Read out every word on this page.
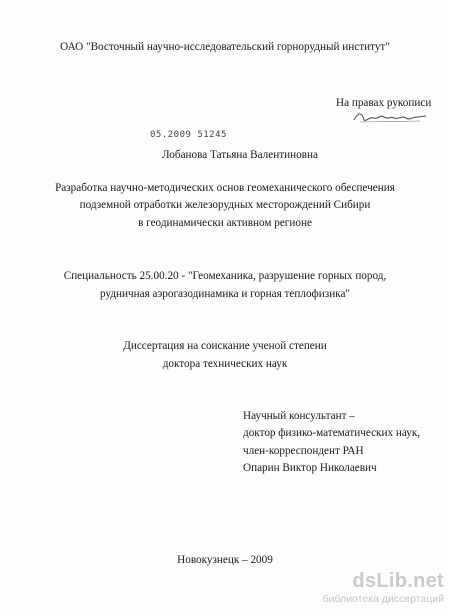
ОАО "Восточный научно-исследовательский горнорудный институт"
На правах рукописи
05.2009 51245
Лобанова Татьяна Валентиновна
Разработка научно-методических основ геомеханического обеспечения
подземной отработки железорудных месторождений Сибири
в геодинамически активном регионе
Специальность 25.00.20 - "Геомеханика, разрушение горных пород,
рудничная аэрогазодинамика и горная теплофизика"
Диссертация на соискание ученой степени
доктора технических наук
Научный консультант –
доктор физико-математических наук,
член-корреспондент РАН
Опарин Виктор Николаевич
Новокузнецк – 2009
dsLib.net
библиотека диссертаций
